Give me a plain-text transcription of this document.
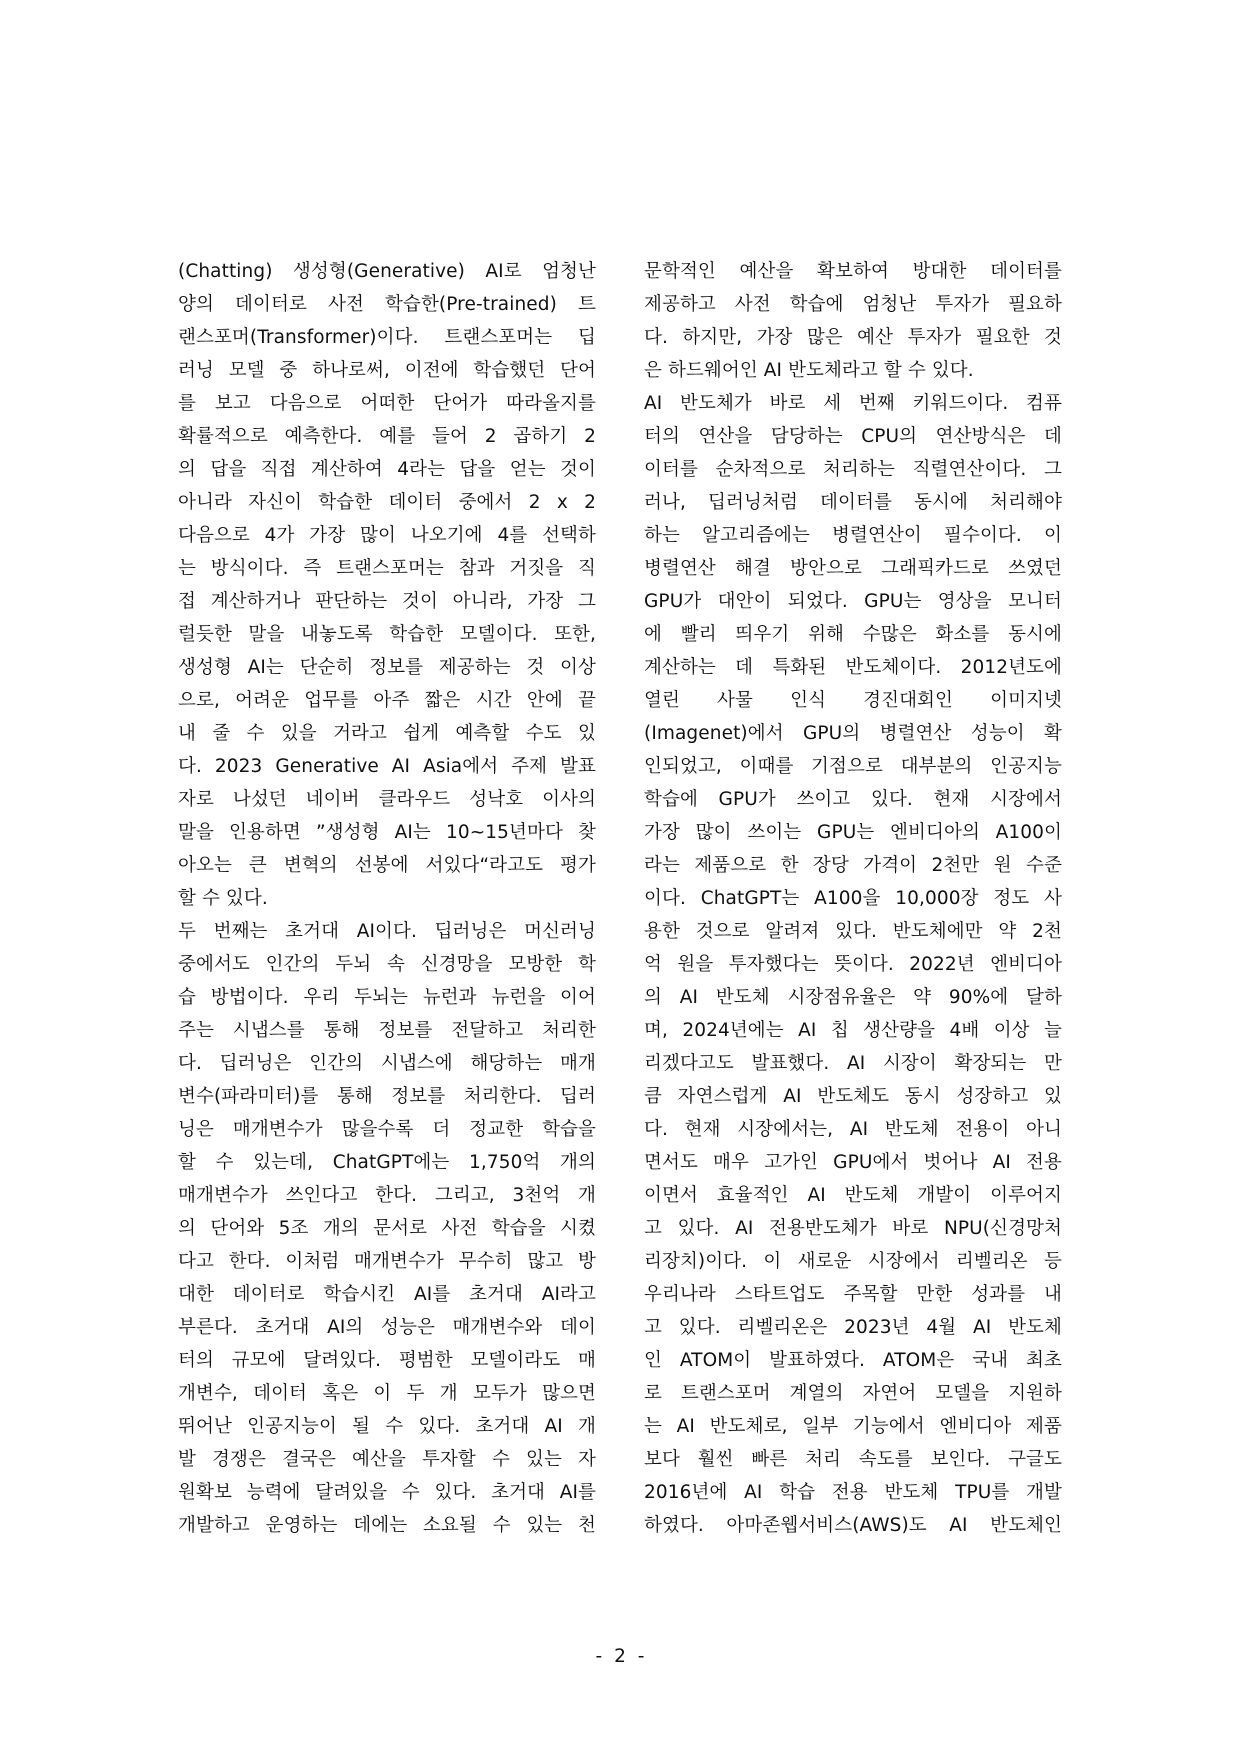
(Chatting) 생성형(Generative) AI로 엄청난
양의 데이터로 사전 학습한(Pre-trained) 트
랜스포머(Transformer)이다. 트랜스포머는 딥
러닝 모델 중 하나로써, 이전에 학습했던 단어
를 보고 다음으로 어떠한 단어가 따라올지를
확률적으로 예측한다. 예를 들어 2 곱하기 2
의 답을 직접 계산하여 4라는 답을 얻는 것이
아니라 자신이 학습한 데이터 중에서 2 x 2
다음으로 4가 가장 많이 나오기에 4를 선택하
는 방식이다. 즉 트랜스포머는 참과 거짓을 직
접 계산하거나 판단하는 것이 아니라, 가장 그
럴듯한 말을 내놓도록 학습한 모델이다. 또한,
생성형 AI는 단순히 정보를 제공하는 것 이상
으로, 어려운 업무를 아주 짧은 시간 안에 끝
내 줄 수 있을 거라고 쉽게 예측할 수도 있
다. 2023 Generative AI Asia에서 주제 발표
자로 나섰던 네이버 클라우드 성낙호 이사의
말을 인용하면 ”생성형 AI는 10~15년마다 찾
아오는 큰 변혁의 선봉에 서있다“라고도 평가
할 수 있다.
두 번째는 초거대 AI이다. 딥러닝은 머신러닝
중에서도 인간의 두뇌 속 신경망을 모방한 학
습 방법이다. 우리 두뇌는 뉴런과 뉴런을 이어
주는 시냅스를 통해 정보를 전달하고 처리한
다. 딥러닝은 인간의 시냅스에 해당하는 매개
변수(파라미터)를 통해 정보를 처리한다. 딥러
닝은 매개변수가 많을수록 더 정교한 학습을
할 수 있는데, ChatGPT에는 1,750억 개의
매개변수가 쓰인다고 한다. 그리고, 3천억 개
의 단어와 5조 개의 문서로 사전 학습을 시켰
다고 한다. 이처럼 매개변수가 무수히 많고 방
대한 데이터로 학습시킨 AI를 초거대 AI라고
부른다. 초거대 AI의 성능은 매개변수와 데이
터의 규모에 달려있다. 평범한 모델이라도 매
개변수, 데이터 혹은 이 두 개 모두가 많으면
뛰어난 인공지능이 될 수 있다. 초거대 AI 개
발 경쟁은 결국은 예산을 투자할 수 있는 자
원확보 능력에 달려있을 수 있다. 초거대 AI를
개발하고 운영하는 데에는 소요될 수 있는 천
문학적인 예산을 확보하여 방대한 데이터를
제공하고 사전 학습에 엄청난 투자가 필요하
다. 하지만, 가장 많은 예산 투자가 필요한 것
은 하드웨어인 AI 반도체라고 할 수 있다.
AI 반도체가 바로 세 번째 키워드이다. 컴퓨
터의 연산을 담당하는 CPU의 연산방식은 데
이터를 순차적으로 처리하는 직렬연산이다. 그
러나, 딥러닝처럼 데이터를 동시에 처리해야
하는 알고리즘에는 병렬연산이 필수이다. 이
병렬연산 해결 방안으로 그래픽카드로 쓰였던
GPU가 대안이 되었다. GPU는 영상을 모니터
에 빨리 띄우기 위해 수많은 화소를 동시에
계산하는 데 특화된 반도체이다. 2012년도에
열린 사물 인식 경진대회인 이미지넷
(Imagenet)에서 GPU의 병렬연산 성능이 확
인되었고, 이때를 기점으로 대부분의 인공지능
학습에 GPU가 쓰이고 있다. 현재 시장에서
가장 많이 쓰이는 GPU는 엔비디아의 A100이
라는 제품으로 한 장당 가격이 2천만 원 수준
이다. ChatGPT는 A100을 10,000장 정도 사
용한 것으로 알려져 있다. 반도체에만 약 2천
억 원을 투자했다는 뜻이다. 2022년 엔비디아
의 AI 반도체 시장점유율은 약 90%에 달하
며, 2024년에는 AI 칩 생산량을 4배 이상 늘
리겠다고도 발표했다. AI 시장이 확장되는 만
큼 자연스럽게 AI 반도체도 동시 성장하고 있
다. 현재 시장에서는, AI 반도체 전용이 아니
면서도 매우 고가인 GPU에서 벗어나 AI 전용
이면서 효율적인 AI 반도체 개발이 이루어지
고 있다. AI 전용반도체가 바로 NPU(신경망처
리장치)이다. 이 새로운 시장에서 리벨리온 등
우리나라 스타트업도 주목할 만한 성과를 내
고 있다. 리벨리온은 2023년 4월 AI 반도체
인 ATOM이 발표하였다. ATOM은 국내 최초
로 트랜스포머 계열의 자연어 모델을 지원하
는 AI 반도체로, 일부 기능에서 엔비디아 제품
보다 훨씬 빠른 처리 속도를 보인다. 구글도
2016년에 AI 학습 전용 반도체 TPU를 개발
하였다. 아마존웹서비스(AWS)도 AI 반도체인
- 2 -
